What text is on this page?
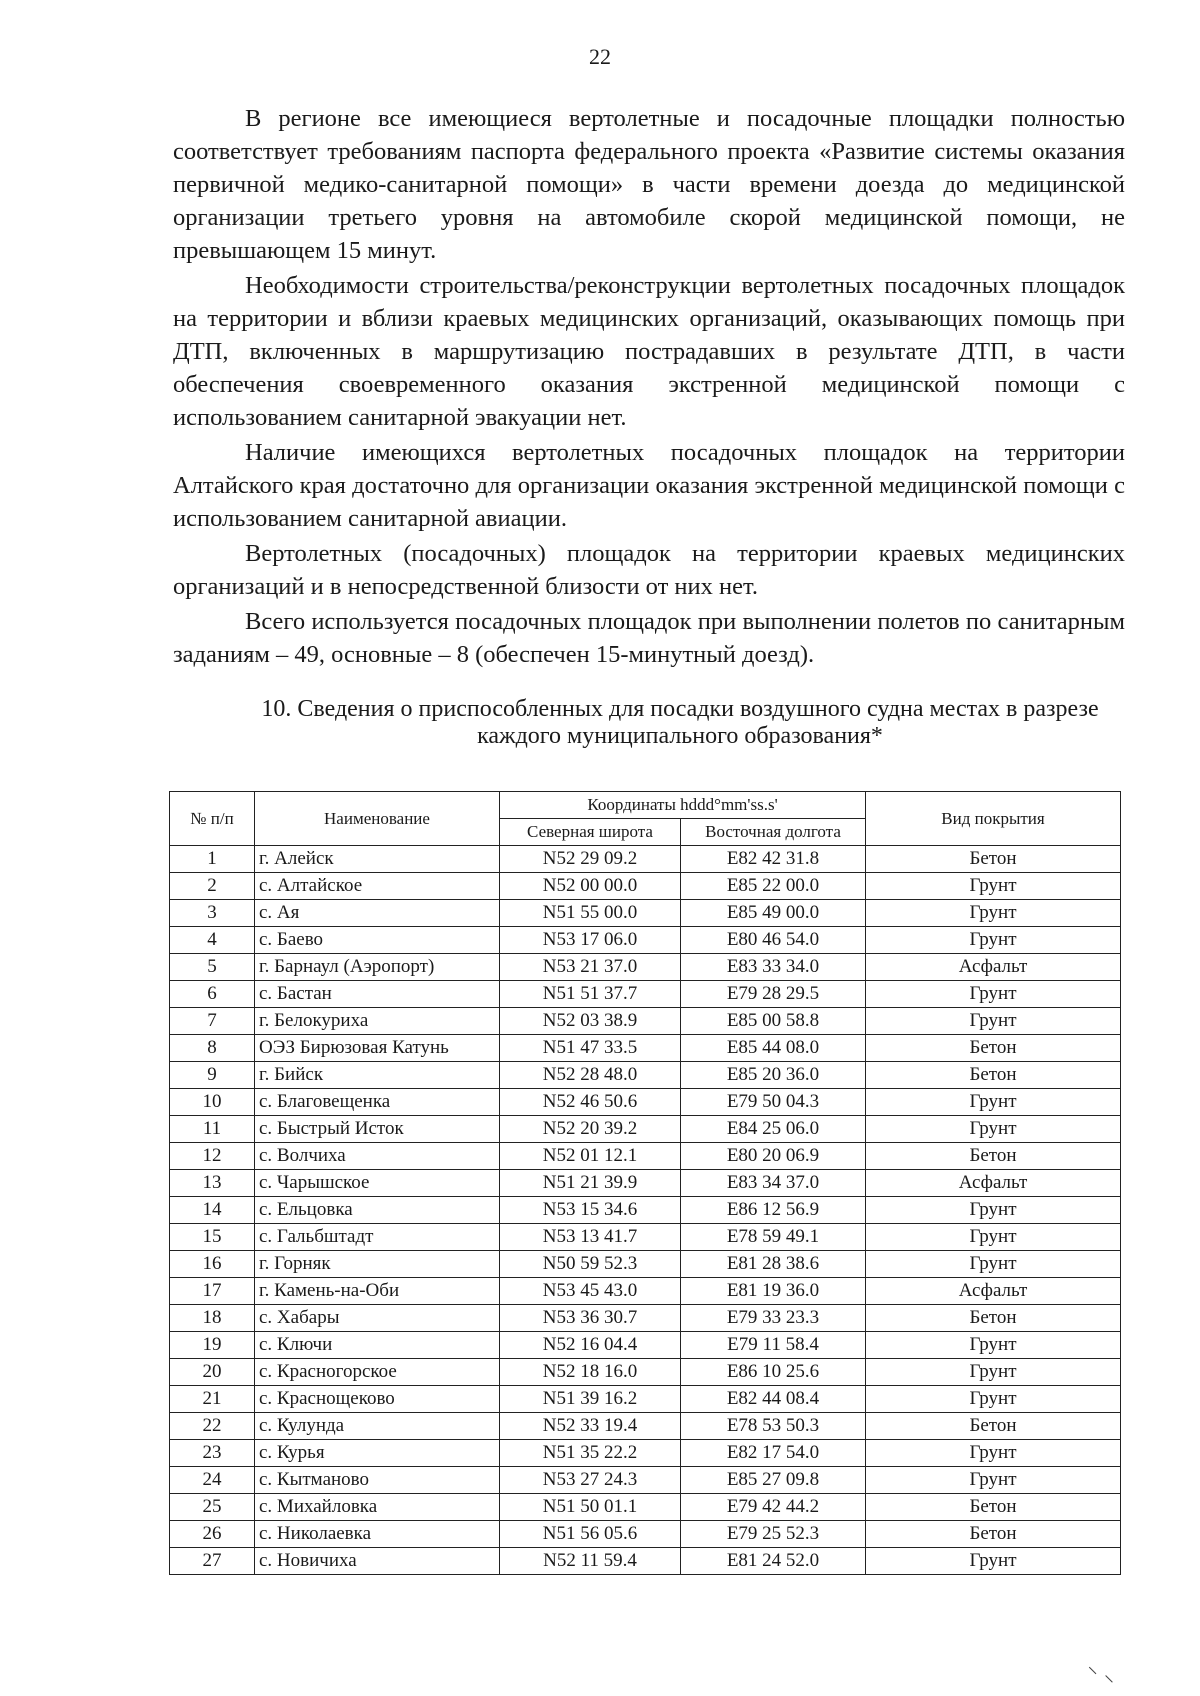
22

В регионе все имеющиеся вертолетные и посадочные площадки полностью соответствует требованиям паспорта федерального проекта «Развитие системы оказания первичной медико-санитарной помощи» в части времени доезда до медицинской организации третьего уровня на автомобиле скорой медицинской помощи, не превышающем 15 минут.

Необходимости строительства/реконструкции вертолетных посадочных площадок на территории и вблизи краевых медицинских организаций, оказывающих помощь при ДТП, включенных в маршрутизацию пострадавших в результате ДТП, в части обеспечения своевременного оказания экстренной медицинской помощи с использованием санитарной эвакуации нет.

Наличие имеющихся вертолетных посадочных площадок на территории Алтайского края достаточно для организации оказания экстренной медицинской помощи с использованием санитарной авиации.

Вертолетных (посадочных) площадок на территории краевых медицинских организаций и в непосредственной близости от них нет.

Всего используется посадочных площадок при выполнении полетов по санитарным заданиям – 49, основные – 8 (обеспечен 15-минутный доезд).

10. Сведения о приспособленных для посадки воздушного судна местах в разрезе каждого муниципального образования*
№ п/п	Наименование	Координаты hddd°mm'ss.s'		Вид покрытия
		Северная широта	Восточная долгота	
1	г. Алейск	N52 29 09.2	E82 42 31.8	Бетон
2	с. Алтайское	N52 00 00.0	E85 22 00.0	Грунт
3	с. Ая	N51 55 00.0	E85 49 00.0	Грунт
4	с. Баево	N53 17 06.0	E80 46 54.0	Грунт
5	г. Барнаул (Аэропорт)	N53 21 37.0	E83 33 34.0	Асфальт
6	с. Бастан	N51 51 37.7	E79 28 29.5	Грунт
7	г. Белокуриха	N52 03 38.9	E85 00 58.8	Грунт
8	ОЭЗ Бирюзовая Катунь	N51 47 33.5	E85 44 08.0	Бетон
9	г. Бийск	N52 28 48.0	E85 20 36.0	Бетон
10	с. Благовещенка	N52 46 50.6	E79 50 04.3	Грунт
11	с. Быстрый Исток	N52 20 39.2	E84 25 06.0	Грунт
12	с. Волчиха	N52 01 12.1	E80 20 06.9	Бетон
13	с. Чарышское	N51 21 39.9	E83 34 37.0	Асфальт
14	с. Ельцовка	N53 15 34.6	E86 12 56.9	Грунт
15	с. Гальбштадт	N53 13 41.7	E78 59 49.1	Грунт
16	г. Горняк	N50 59 52.3	E81 28 38.6	Грунт
17	г. Камень-на-Оби	N53 45 43.0	E81 19 36.0	Асфальт
18	с. Хабары	N53 36 30.7	E79 33 23.3	Бетон
19	с. Ключи	N52 16 04.4	E79 11 58.4	Грунт
20	с. Красногорское	N52 18 16.0	E86 10 25.6	Грунт
21	с. Краснощеково	N51 39 16.2	E82 44 08.4	Грунт
22	с. Кулунда	N52 33 19.4	E78 53 50.3	Бетон
23	с. Курья	N51 35 22.2	E82 17 54.0	Грунт
24	с. Кытманово	N53 27 24.3	E85 27 09.8	Грунт
25	с. Михайловка	N51 50 01.1	E79 42 44.2	Бетон
26	с. Николаевка	N51 56 05.6	E79 25 52.3	Бетон
27	с. Новичиха	N52 11 59.4	E81 24 52.0	Грунт
⸌ ⸜
